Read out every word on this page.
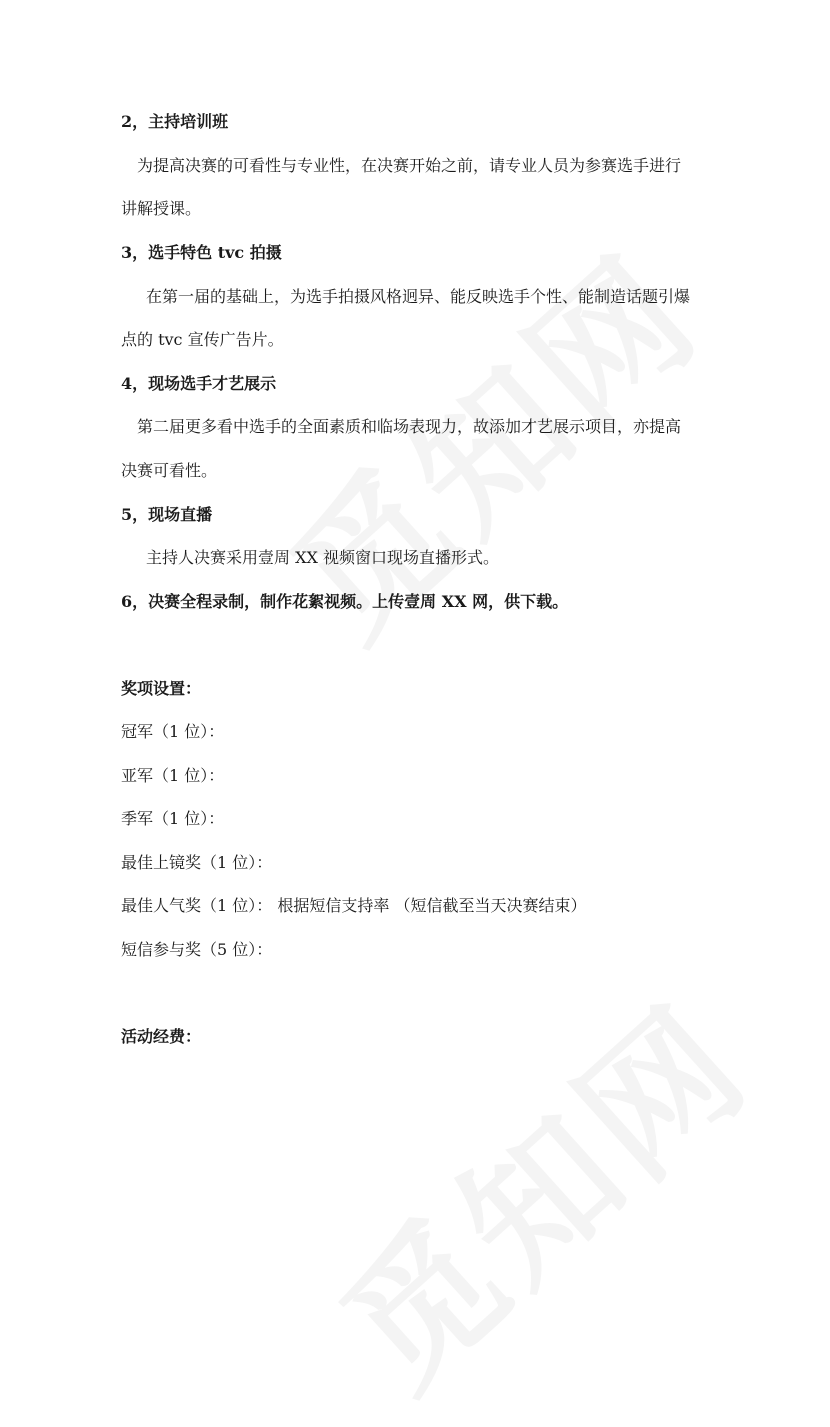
2，主持培训班
为提高决赛的可看性与专业性，在决赛开始之前，请专业人员为参赛选手进行
讲解授课。
3，选手特色 tvc 拍摄
在第一届的基础上，为选手拍摄风格迥异、能反映选手个性、能制造话题引爆
点的 tvc 宣传广告片。
4，现场选手才艺展示
第二届更多看中选手的全面素质和临场表现力，故添加才艺展示项目，亦提高
决赛可看性。
5，现场直播
主持人决赛采用壹周 XX 视频窗口现场直播形式。
6，决赛全程录制，制作花絮视频。上传壹周 XX 网，供下载。
奖项设置：
冠军（1 位）：
亚军（1 位）：
季军（1 位）：
最佳上镜奖（1 位）：
最佳人气奖（1 位）： 根据短信支持率 （短信截至当天决赛结束）
短信参与奖（5 位）：
活动经费：
